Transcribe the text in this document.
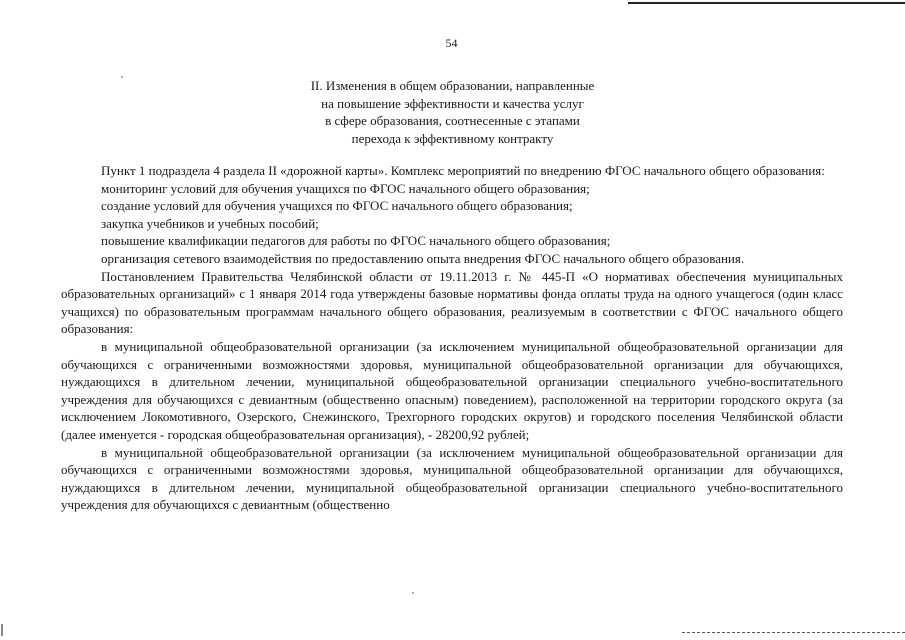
54
II. Изменения в общем образовании, направленные
на повышение эффективности и качества услуг
в сфере образования, соотнесенные с этапами
перехода к эффективному контракту

Пункт 1 подраздела 4 раздела II «дорожной карты». Комплекс мероприятий по внедрению ФГОС начального общего образования:

мониторинг условий для обучения учащихся по ФГОС начального общего образования;

создание условий для обучения учащихся по ФГОС начального общего образования;

закупка учебников и учебных пособий;

повышение квалификации педагогов для работы по ФГОС начального общего образования;

организация сетевого взаимодействия по предоставлению опыта внедрения ФГОС начального общего образования.

Постановлением Правительства Челябинской области от 19.11.2013 г. № 445-П «О нормативах обеспечения муниципальных образовательных организаций» с 1 января 2014 года утверждены базовые нормативы фонда оплаты труда на одного учащегося (один класс учащихся) по образовательным программам начального общего образования, реализуемым в соответствии с ФГОС начального общего образования:

в муниципальной общеобразовательной организации (за исключением муниципальной общеобразовательной организации для обучающихся с ограниченными возможностями здоровья, муниципальной общеобразовательной организации для обучающихся, нуждающихся в длительном лечении, муниципальной общеобразовательной организации специального учебно-воспитательного учреждения для обучающихся с девиантным (общественно опасным) поведением), расположенной на территории городского округа (за исключением Локомотивного, Озерского, Снежинского, Трехгорного городских округов) и городского поселения Челябинской области (далее именуется - городская общеобразовательная организация), - 28200,92 рублей;

в муниципальной общеобразовательной организации (за исключением муниципальной общеобразовательной организации для обучающихся с ограниченными возможностями здоровья, муниципальной общеобразовательной организации для обучающихся, нуждающихся в длительном лечении, муниципальной общеобразовательной организации специального учебно-воспитательного учреждения для обучающихся с девиантным (общественно
